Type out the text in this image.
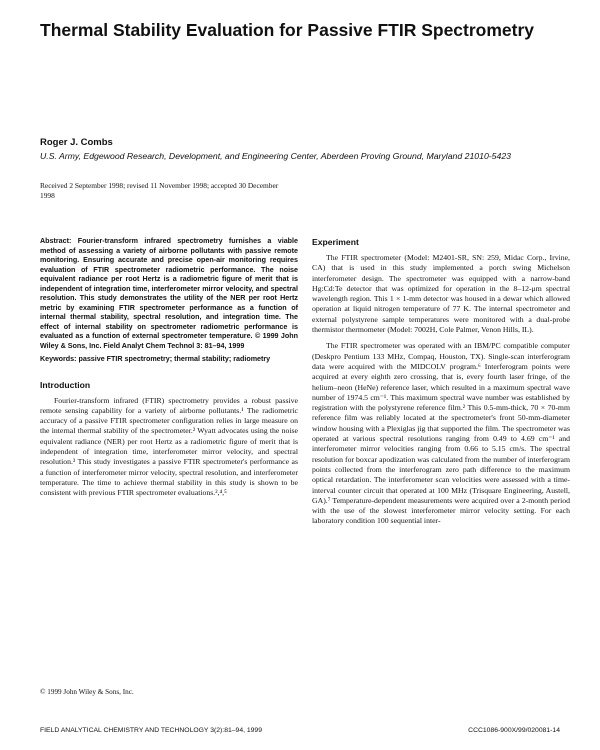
Thermal Stability Evaluation for Passive FTIR Spectrometry
Roger J. Combs
U.S. Army, Edgewood Research, Development, and Engineering Center, Aberdeen Proving Ground, Maryland 21010-5423
Received 2 September 1998; revised 11 November 1998; accepted 30 December 1998

Abstract: Fourier-transform infrared spectrometry furnishes a viable method of assessing a variety of airborne pollutants with passive remote monitoring. Ensuring accurate and precise open-air monitoring requires evaluation of FTIR spectrometer radiometric performance. The noise equivalent radiance per root Hertz is a radiometric figure of merit that is independent of integration time, interferometer mirror velocity, and spectral resolution. This study demonstrates the utility of the NER per root Hertz metric by examining FTIR spectrometer performance as a function of internal thermal stability, spectral resolution, and integration time. The effect of internal stability on spectrometer radiometric performance is evaluated as a function of external spectrometer temperature. © 1999 John Wiley & Sons, Inc. Field Analyt Chem Technol 3: 81–94, 1999

Keywords: passive FTIR spectrometry; thermal stability; radiometry

Introduction

Fourier-transform infrared (FTIR) spectrometry provides a robust passive remote sensing capability for a variety of airborne pollutants.¹ The radiometric accuracy of a passive FTIR spectrometer configuration relies in large measure on the internal thermal stability of the spectrometer.² Wyatt advocates using the noise equivalent radiance (NER) per root Hertz as a radiometric figure of merit that is independent of integration time, interferometer mirror velocity, and spectral resolution.³ This study investigates a passive FTIR spectrometer's performance as a function of interferometer mirror velocity, spectral resolution, and interferometer temperature. The time to achieve thermal stability in this study is shown to be consistent with previous FTIR spectrometer evaluations.²,⁴,⁵

© 1999 John Wiley & Sons, Inc.
Experiment

The FTIR spectrometer (Model: M2401-SR, SN: 259, Midac Corp., Irvine, CA) that is used in this study implemented a porch swing Michelson interferometer design. The spectrometer was equipped with a narrow-band Hg:Cd:Te detector that was optimized for operation in the 8–12-μm spectral wavelength region. This 1 × 1-mm detector was housed in a dewar which allowed operation at liquid nitrogen temperature of 77 K. The internal spectrometer and external polystyrene sample temperatures were monitored with a dual-probe thermistor thermometer (Model: 7002H, Cole Palmer, Venon Hills, IL).

The FTIR spectrometer was operated with an IBM/PC compatible computer (Deskpro Pentium 133 MHz, Compaq, Houston, TX). Single-scan interferogram data were acquired with the MIDCOLV program.⁶ Interferogram points were acquired at every eighth zero crossing, that is, every fourth laser fringe, of the helium–neon (HeNe) reference laser, which resulted in a maximum spectral wave number of 1974.5 cm⁻¹. This maximum spectral wave number was established by registration with the polystyrene reference film.² This 0.5-mm-thick, 70 × 70-mm reference film was reliably located at the spectrometer's front 50-mm-diameter window housing with a Plexiglas jig that supported the film. The spectrometer was operated at various spectral resolutions ranging from 0.49 to 4.69 cm⁻¹ and interferometer mirror velocities ranging from 0.66 to 5.15 cm/s. The spectral resolution for boxcar apodization was calculated from the number of interferogram points collected from the interferogram zero path difference to the maximum optical retardation. The interferometer scan velocities were assessed with a time-interval counter circuit that operated at 100 MHz (Trisquare Engineering, Austell, GA).⁷ Temperature-dependent measurements were acquired over a 2-month period with the use of the slowest interferometer mirror velocity setting. For each laboratory condition 100 sequential inter-

FIELD ANALYTICAL CHEMISTRY AND TECHNOLOGY 3(2):81–94, 1999	CCC1086-900X/99/020081-14
